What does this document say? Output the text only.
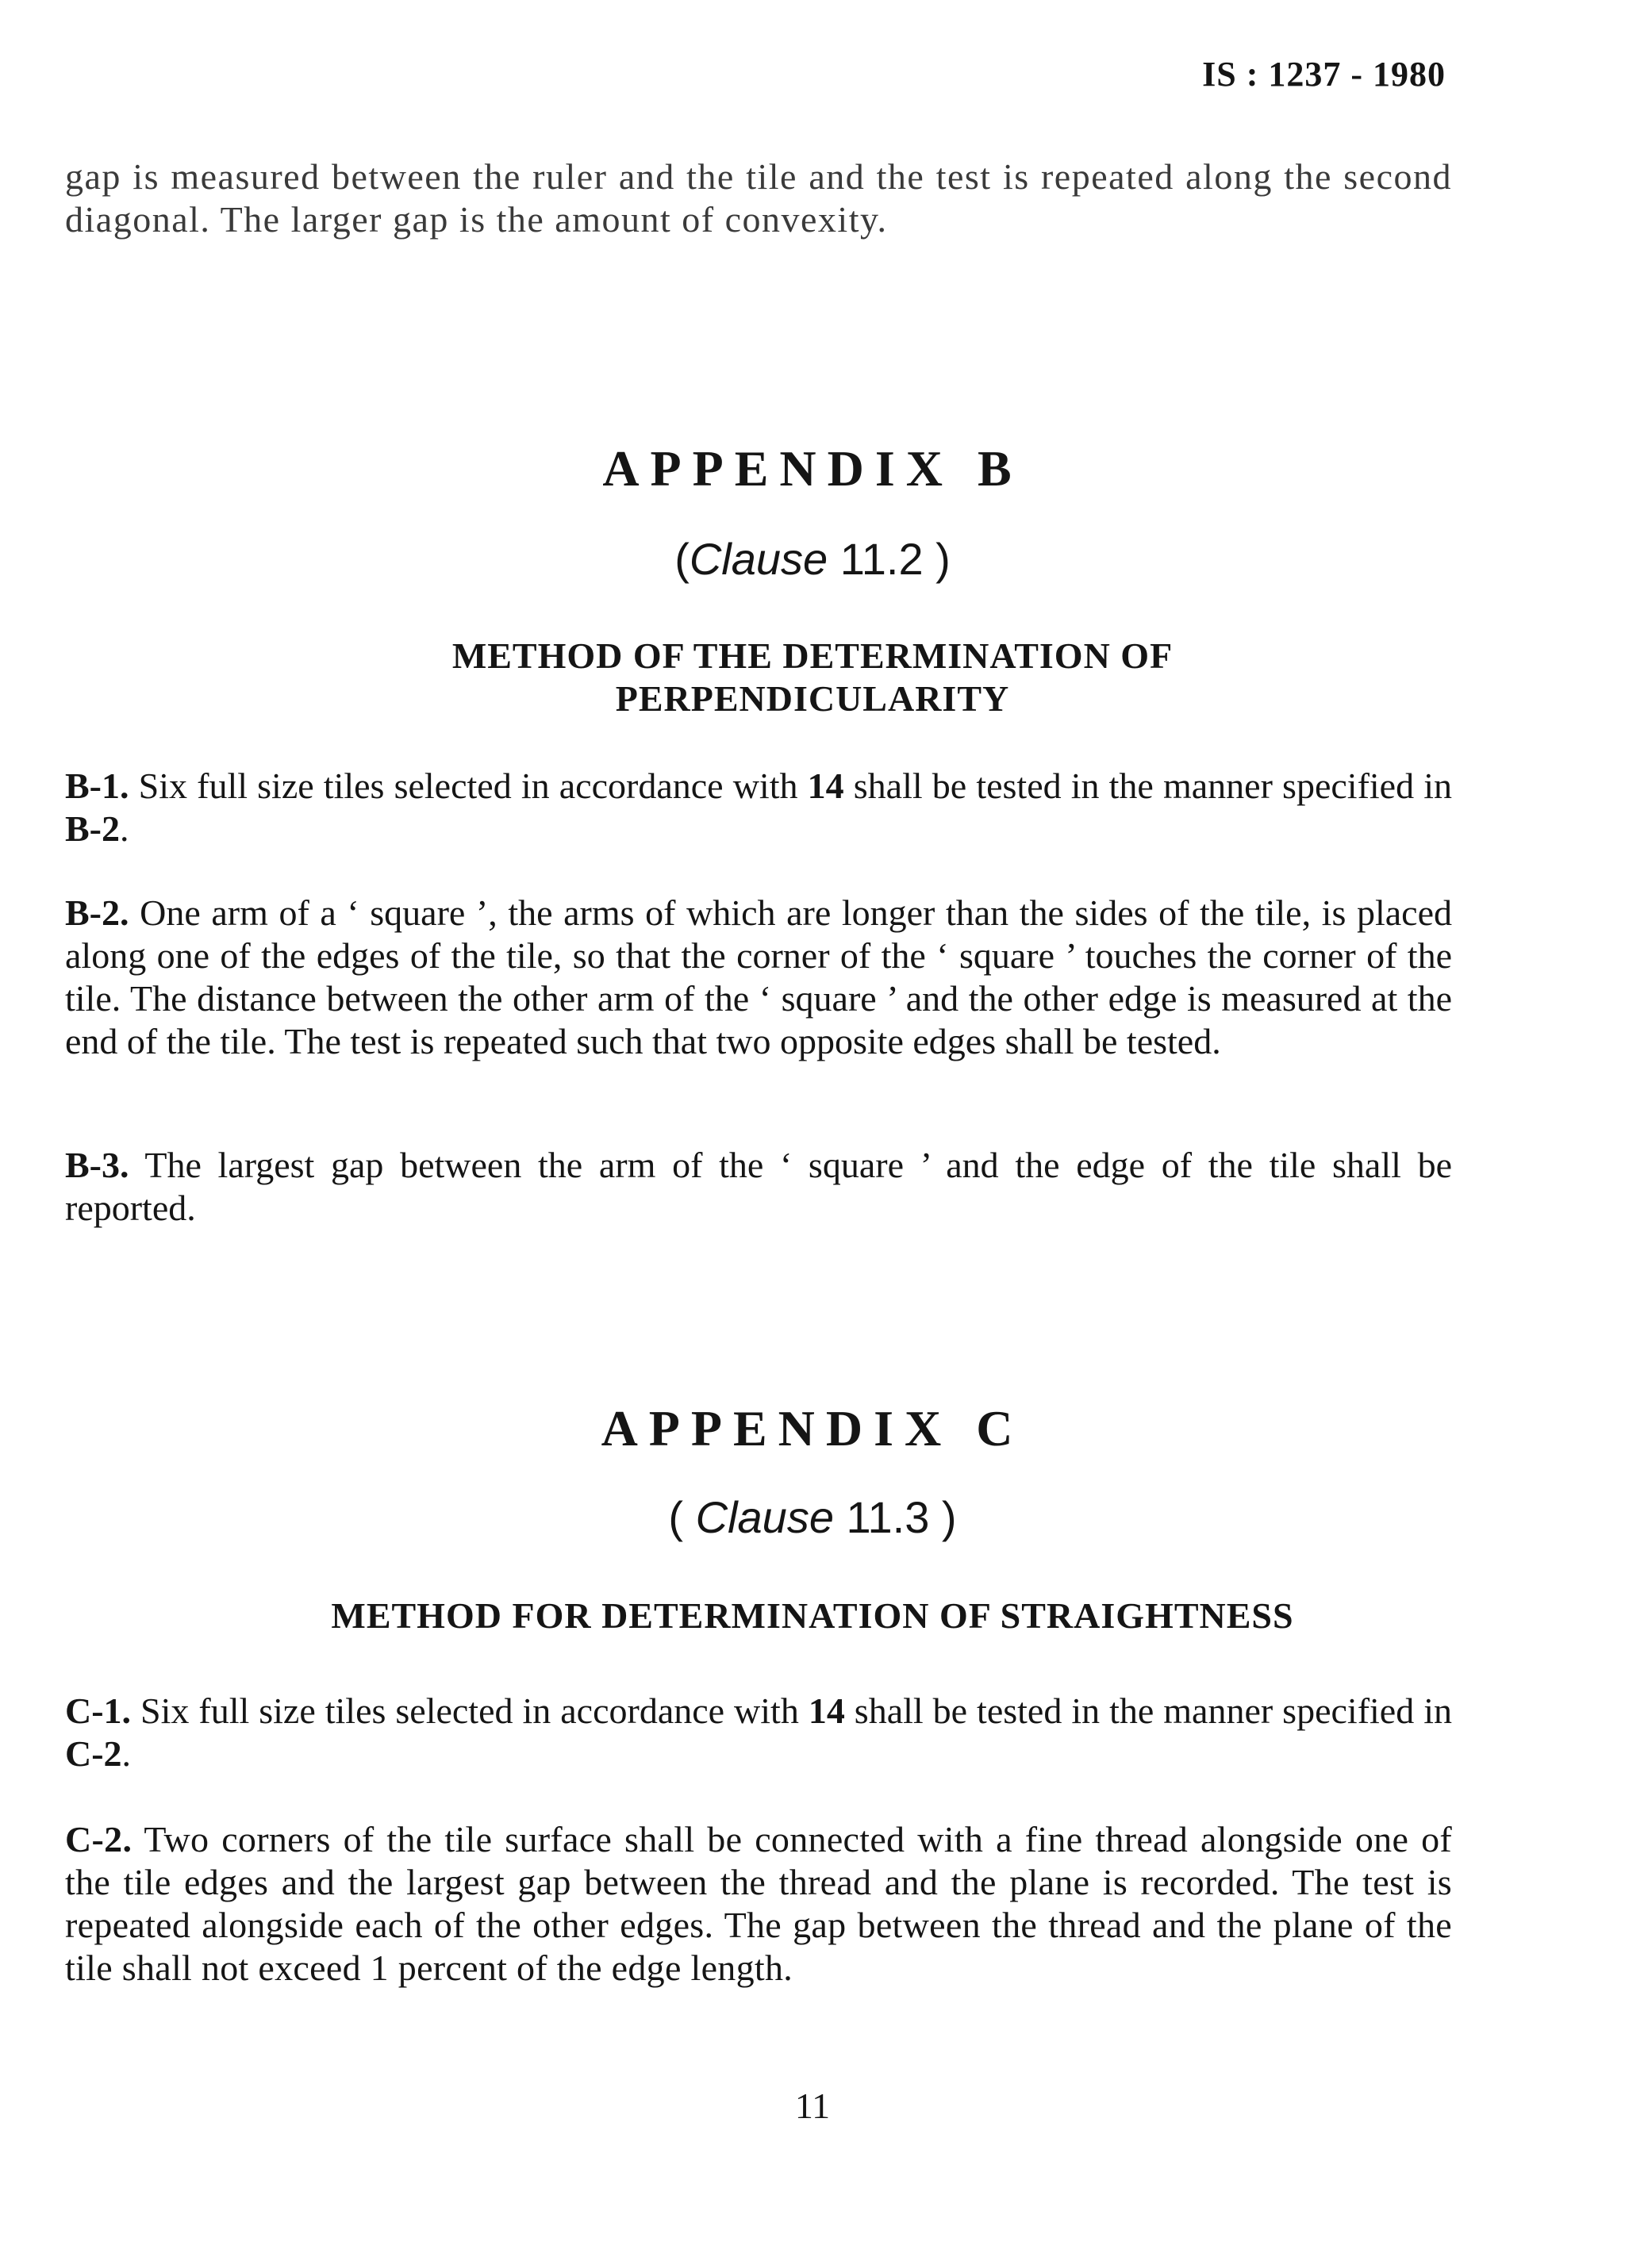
IS : 1237 - 1980

gap is measured between the ruler and the tile and the test is repeated along the second diagonal. The larger gap is the amount of convexity.

APPENDIX B
(Clause 11.2 )
METHOD OF THE DETERMINATION OF
PERPENDICULARITY

B-1. Six full size tiles selected in accordance with 14 shall be tested in the manner specified in B-2.

B-2. One arm of a ‘ square ’, the arms of which are longer than the sides of the tile, is placed along one of the edges of the tile, so that the corner of the ‘ square ’ touches the corner of the tile. The distance between the other arm of the ‘ square ’ and the other edge is measured at the end of the tile. The test is repeated such that two opposite edges shall be tested.

B-3. The largest gap between the arm of the ‘ square ’ and the edge of the tile shall be reported.

APPENDIX C
( Clause 11.3 )
METHOD FOR DETERMINATION OF STRAIGHTNESS

C-1. Six full size tiles selected in accordance with 14 shall be tested in the manner specified in C-2.

C-2. Two corners of the tile surface shall be connected with a fine thread alongside one of the tile edges and the largest gap between the thread and the plane is recorded. The test is repeated alongside each of the other edges. The gap between the thread and the plane of the tile shall not exceed 1 percent of the edge length.

11
